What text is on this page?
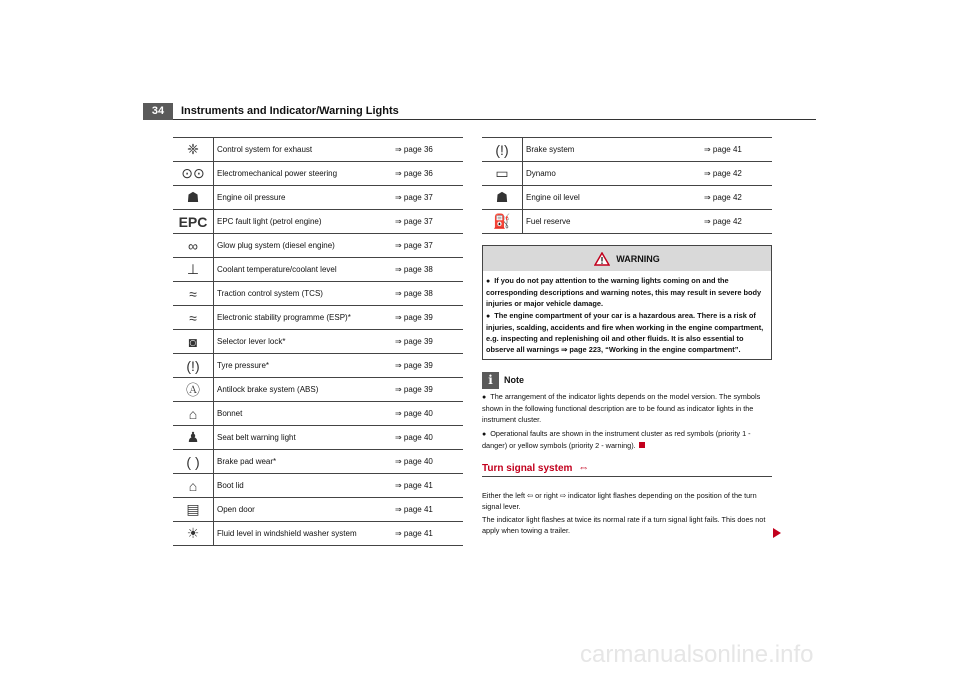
34	Instruments and Indicator/Warning Lights
❈	Control system for exhaust	⇒ page 36
⊙⊙	Electromechanical power steering	⇒ page 36
☗	Engine oil pressure	⇒ page 37
EPC	EPC fault light (petrol engine)	⇒ page 37
∞	Glow plug system (diesel engine)	⇒ page 37
⊥	Coolant temperature/coolant level	⇒ page 38
≈	Traction control system (TCS)	⇒ page 38
≈	Electronic stability programme (ESP)*	⇒ page 39
◙	Selector lever lock*	⇒ page 39
(!)	Tyre pressure*	⇒ page 39
Ⓐ	Antilock brake system (ABS)	⇒ page 39
⌂	Bonnet	⇒ page 40
♟	Seat belt warning light	⇒ page 40
( )	Brake pad wear*	⇒ page 40
⌂	Boot lid	⇒ page 41
▤	Open door	⇒ page 41
☀	Fluid level in windshield washer system	⇒ page 41
(!)	Brake system	⇒ page 41
▭	Dynamo	⇒ page 42
☗	Engine oil level	⇒ page 42
⛽	Fuel reserve	⇒ page 42
WARNING
● If you do not pay attention to the warning lights coming on and the corresponding descriptions and warning notes, this may result in severe body injuries or major vehicle damage.
● The engine compartment of your car is a hazardous area. There is a risk of injuries, scalding, accidents and fire when working in the engine compartment, e.g. inspecting and replenishing oil and other fluids. It is also essential to observe all warnings ⇒ page 223, “Working in the engine compartment”.
i	Note

● The arrangement of the indicator lights depends on the model version. The symbols shown in the following functional description are to be found as indicator lights in the instrument cluster.

● Operational faults are shown in the instrument cluster as red symbols (priority 1 - danger) or yellow symbols (priority 2 - warning).

Turn signal system  ⇔

Either the left ⇦ or right ⇨ indicator light flashes depending on the position of the turn signal lever.

The indicator light flashes at twice its normal rate if a turn signal light fails. This does not apply when towing a trailer.

carmanualsonline.info
